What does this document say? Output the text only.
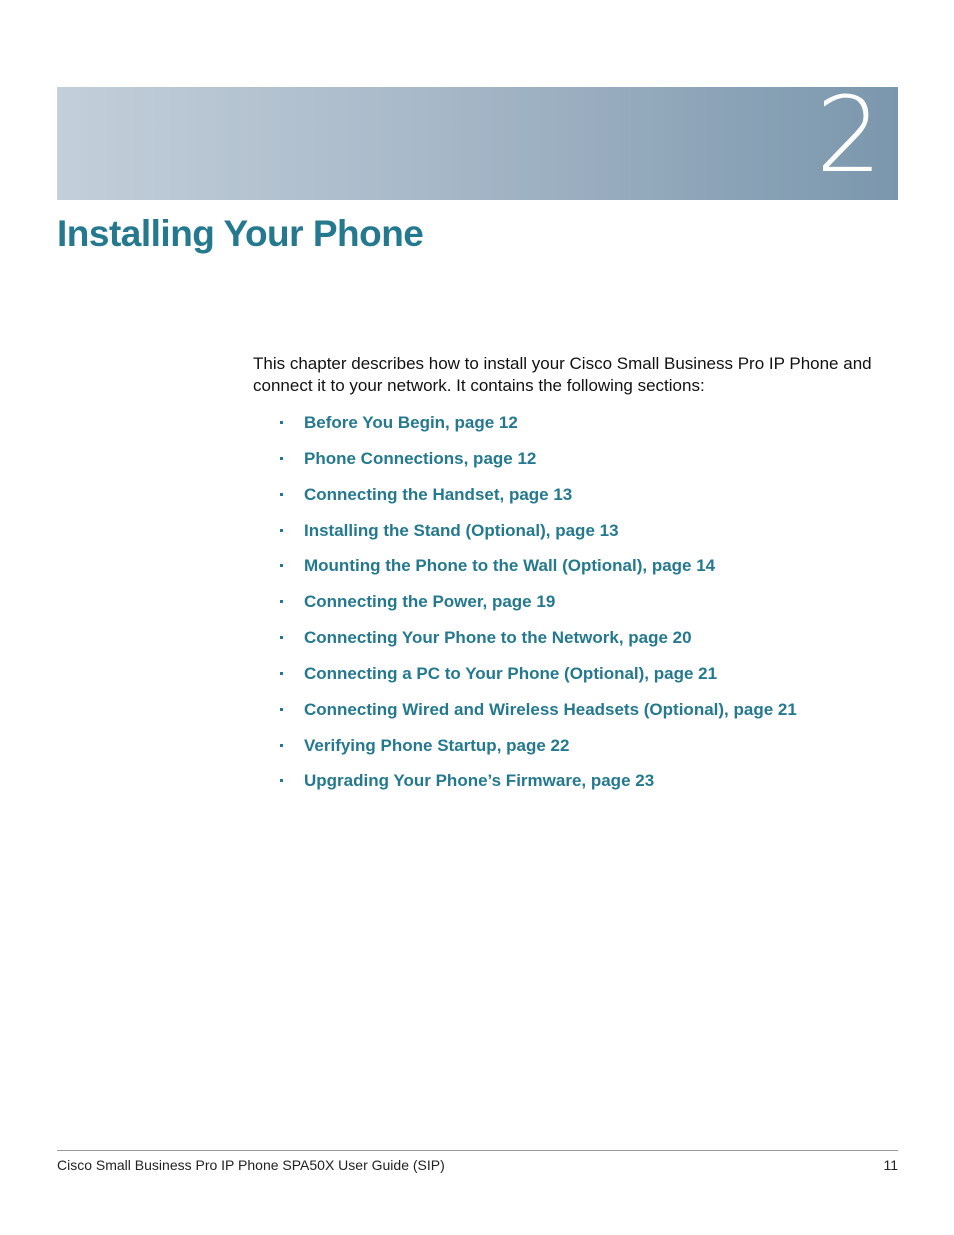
2
Installing Your Phone

This chapter describes how to install your Cisco Small Business Pro IP Phone and connect it to your network. It contains the following sections:

Before You Begin, page 12
Phone Connections, page 12
Connecting the Handset, page 13
Installing the Stand (Optional), page 13
Mounting the Phone to the Wall (Optional), page 14
Connecting the Power, page 19
Connecting Your Phone to the Network, page 20
Connecting a PC to Your Phone (Optional), page 21
Connecting Wired and Wireless Headsets (Optional), page 21
Verifying Phone Startup, page 22
Upgrading Your Phone’s Firmware, page 23
Cisco Small Business Pro IP Phone SPA50X User Guide (SIP)	11
